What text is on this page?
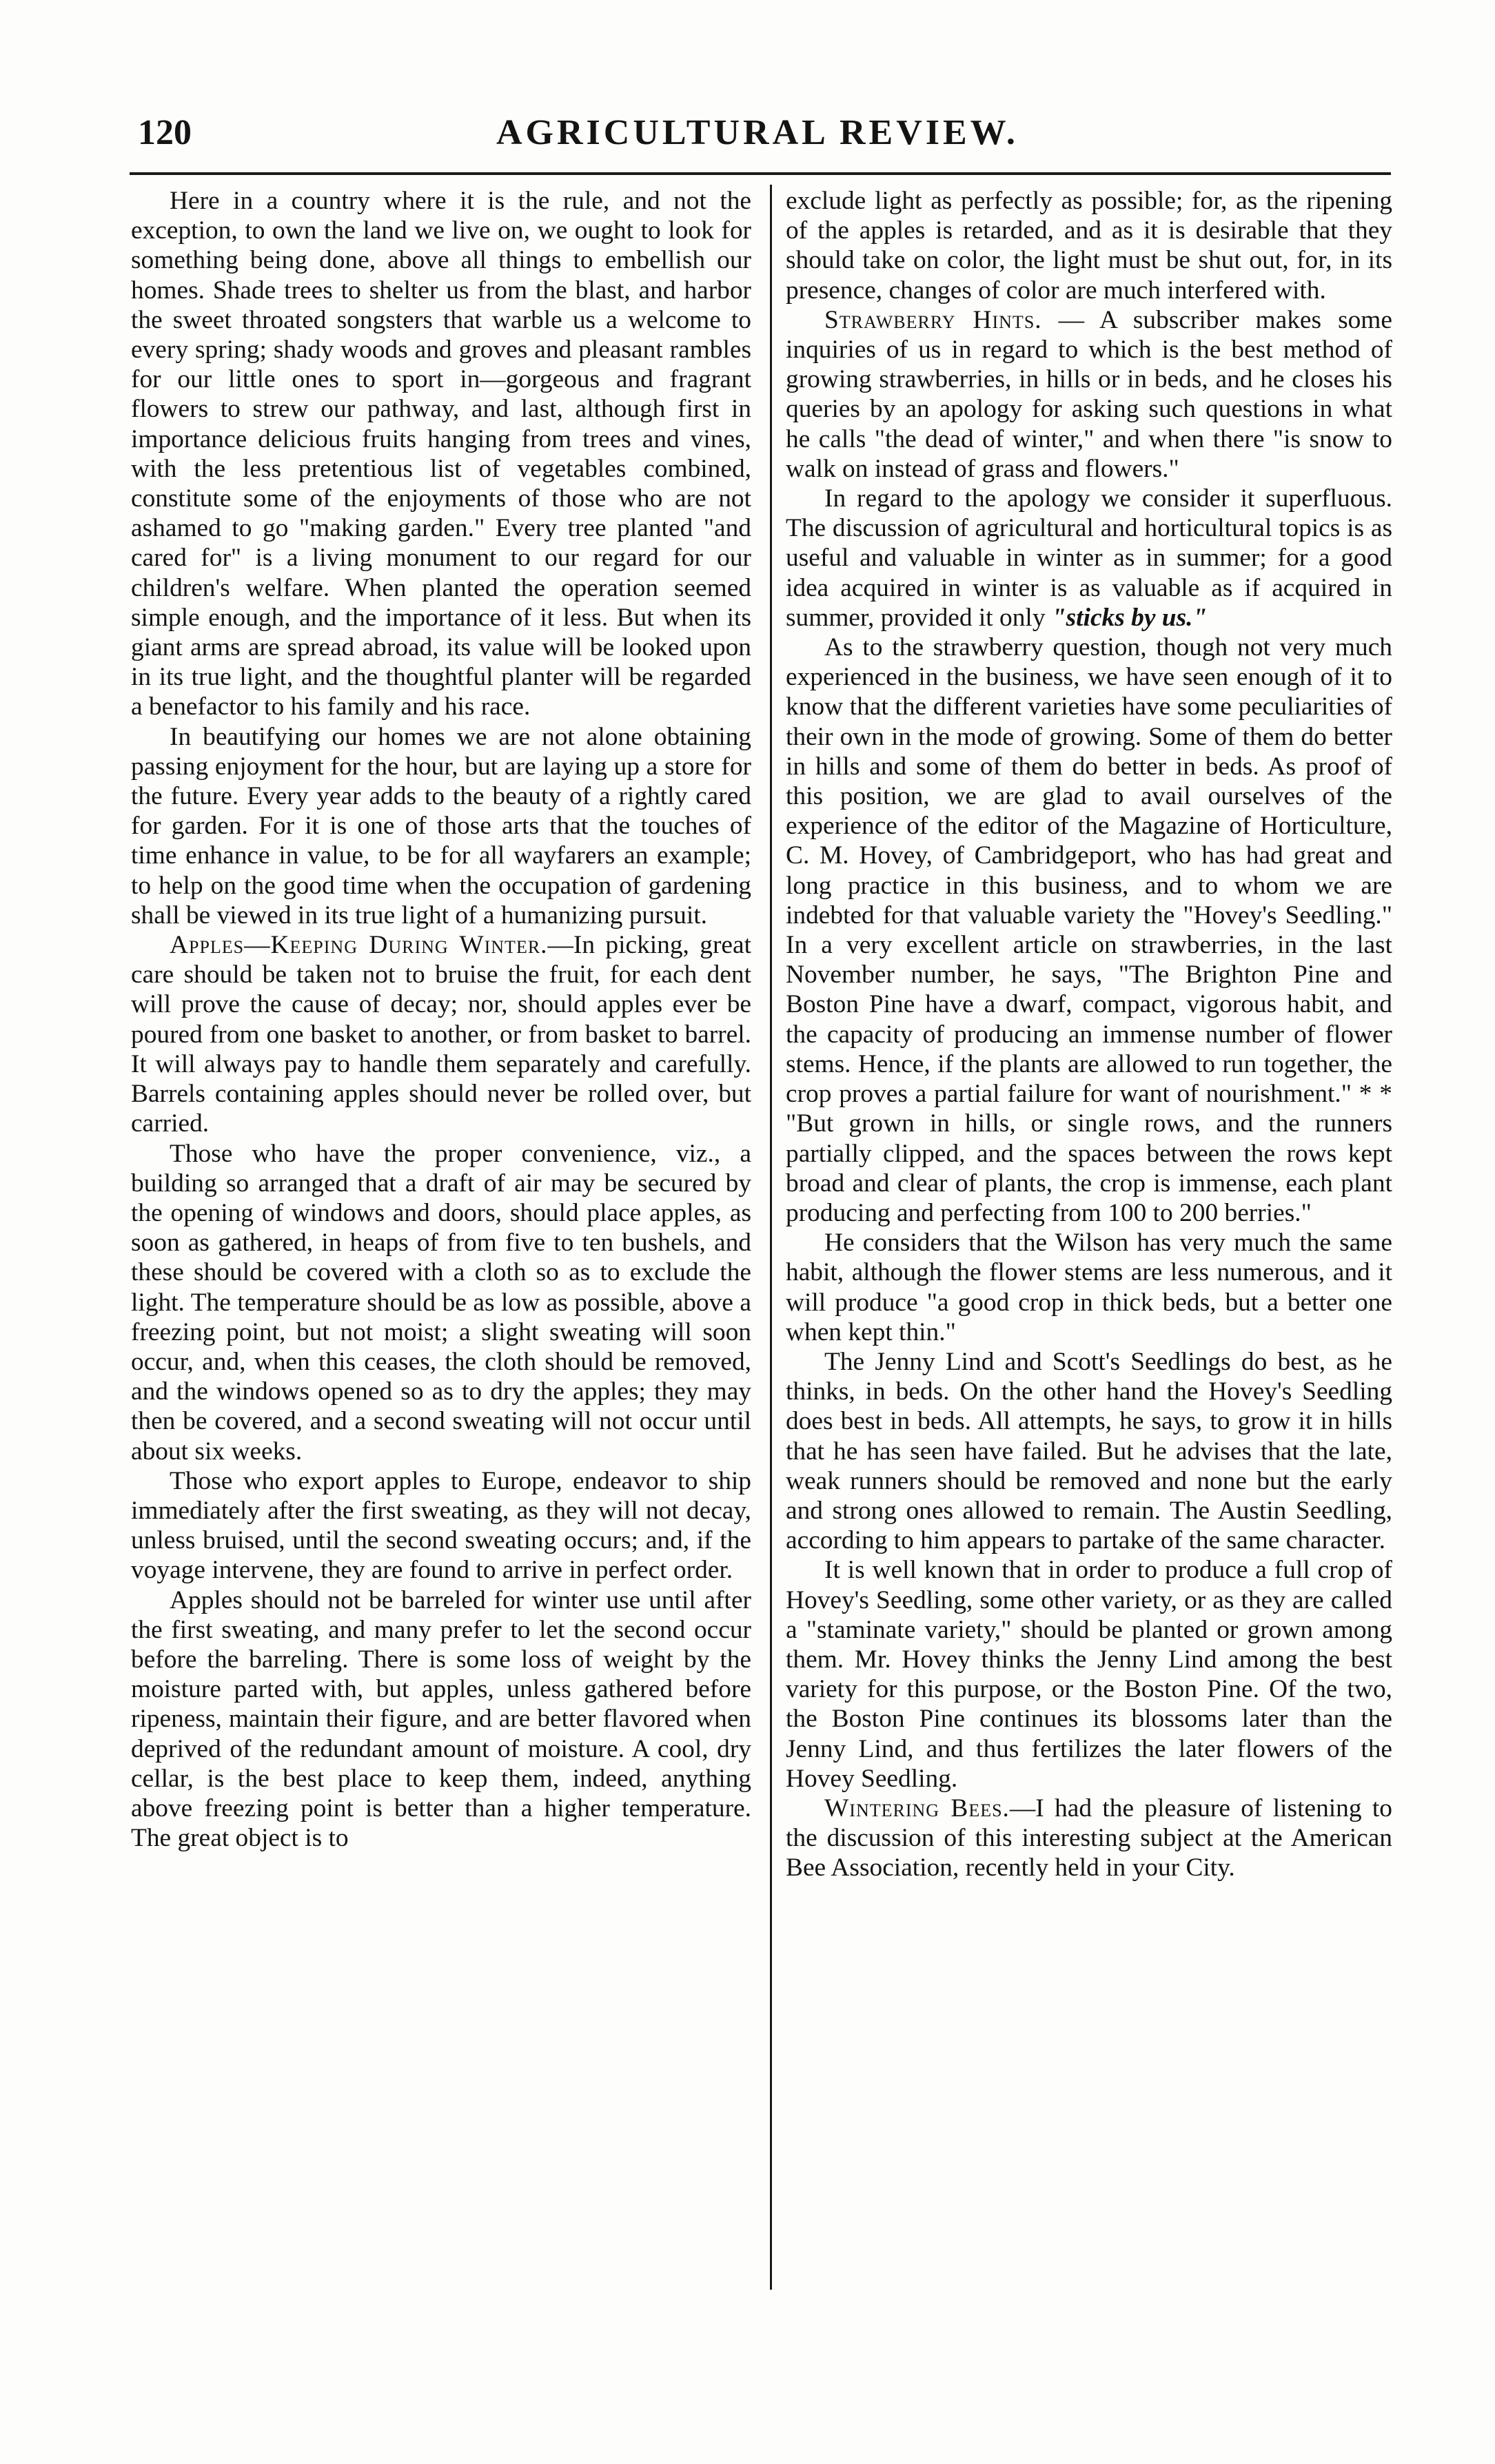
120	AGRICULTURAL REVIEW.

Here in a country where it is the rule, and not the exception, to own the land we live on, we ought to look for something being done, above all things to embellish our homes. Shade trees to shelter us from the blast, and harbor the sweet throated songsters that warble us a welcome to every spring; shady woods and groves and pleasant rambles for our little ones to sport in—gorgeous and fragrant flowers to strew our pathway, and last, although first in importance delicious fruits hanging from trees and vines, with the less pretentious list of vegetables combined, constitute some of the enjoyments of those who are not ashamed to go "making garden." Every tree planted "and cared for" is a living monument to our regard for our children's welfare. When planted the operation seemed simple enough, and the importance of it less. But when its giant arms are spread abroad, its value will be looked upon in its true light, and the thoughtful planter will be regarded a benefactor to his family and his race.

In beautifying our homes we are not alone obtaining passing enjoyment for the hour, but are laying up a store for the future. Every year adds to the beauty of a rightly cared for garden. For it is one of those arts that the touches of time enhance in value, to be for all wayfarers an example; to help on the good time when the occupation of gardening shall be viewed in its true light of a humanizing pursuit.

Apples—Keeping During Winter.—In picking, great care should be taken not to bruise the fruit, for each dent will prove the cause of decay; nor, should apples ever be poured from one basket to another, or from basket to barrel. It will always pay to handle them separately and carefully. Barrels containing apples should never be rolled over, but carried.

Those who have the proper convenience, viz., a building so arranged that a draft of air may be secured by the opening of windows and doors, should place apples, as soon as gathered, in heaps of from five to ten bushels, and these should be covered with a cloth so as to exclude the light. The temperature should be as low as possible, above a freezing point, but not moist; a slight sweating will soon occur, and, when this ceases, the cloth should be removed, and the windows opened so as to dry the apples; they may then be covered, and a second sweating will not occur until about six weeks.

Those who export apples to Europe, endeavor to ship immediately after the first sweating, as they will not decay, unless bruised, until the second sweating occurs; and, if the voyage intervene, they are found to arrive in perfect order.

Apples should not be barreled for winter use until after the first sweating, and many prefer to let the second occur before the barreling. There is some loss of weight by the moisture parted with, but apples, unless gathered before ripeness, maintain their figure, and are better flavored when deprived of the redundant amount of moisture. A cool, dry cellar, is the best place to keep them, indeed, anything above freezing point is better than a higher temperature. The great object is to

exclude light as perfectly as possible; for, as the ripening of the apples is retarded, and as it is desirable that they should take on color, the light must be shut out, for, in its presence, changes of color are much interfered with.

Strawberry Hints. — A subscriber makes some inquiries of us in regard to which is the best method of growing strawberries, in hills or in beds, and he closes his queries by an apology for asking such questions in what he calls "the dead of winter," and when there "is snow to walk on instead of grass and flowers."

In regard to the apology we consider it superfluous. The discussion of agricultural and horticultural topics is as useful and valuable in winter as in summer; for a good idea acquired in winter is as valuable as if acquired in summer, provided it only "sticks by us."

As to the strawberry question, though not very much experienced in the business, we have seen enough of it to know that the different varieties have some peculiarities of their own in the mode of growing. Some of them do better in hills and some of them do better in beds. As proof of this position, we are glad to avail ourselves of the experience of the editor of the Magazine of Horticulture, C. M. Hovey, of Cambridgeport, who has had great and long practice in this business, and to whom we are indebted for that valuable variety the "Hovey's Seedling." In a very excellent article on strawberries, in the last November number, he says, "The Brighton Pine and Boston Pine have a dwarf, compact, vigorous habit, and the capacity of producing an immense number of flower stems. Hence, if the plants are allowed to run together, the crop proves a partial failure for want of nourishment." * * "But grown in hills, or single rows, and the runners partially clipped, and the spaces between the rows kept broad and clear of plants, the crop is immense, each plant producing and perfecting from 100 to 200 berries."

He considers that the Wilson has very much the same habit, although the flower stems are less numerous, and it will produce "a good crop in thick beds, but a better one when kept thin."

The Jenny Lind and Scott's Seedlings do best, as he thinks, in beds. On the other hand the Hovey's Seedling does best in beds. All attempts, he says, to grow it in hills that he has seen have failed. But he advises that the late, weak runners should be removed and none but the early and strong ones allowed to remain. The Austin Seedling, according to him appears to partake of the same character.

It is well known that in order to produce a full crop of Hovey's Seedling, some other variety, or as they are called a "staminate variety," should be planted or grown among them. Mr. Hovey thinks the Jenny Lind among the best variety for this purpose, or the Boston Pine. Of the two, the Boston Pine continues its blossoms later than the Jenny Lind, and thus fertilizes the later flowers of the Hovey Seedling.

Wintering Bees.—I had the pleasure of listening to the discussion of this interesting subject at the American Bee Association, recently held in your City.
